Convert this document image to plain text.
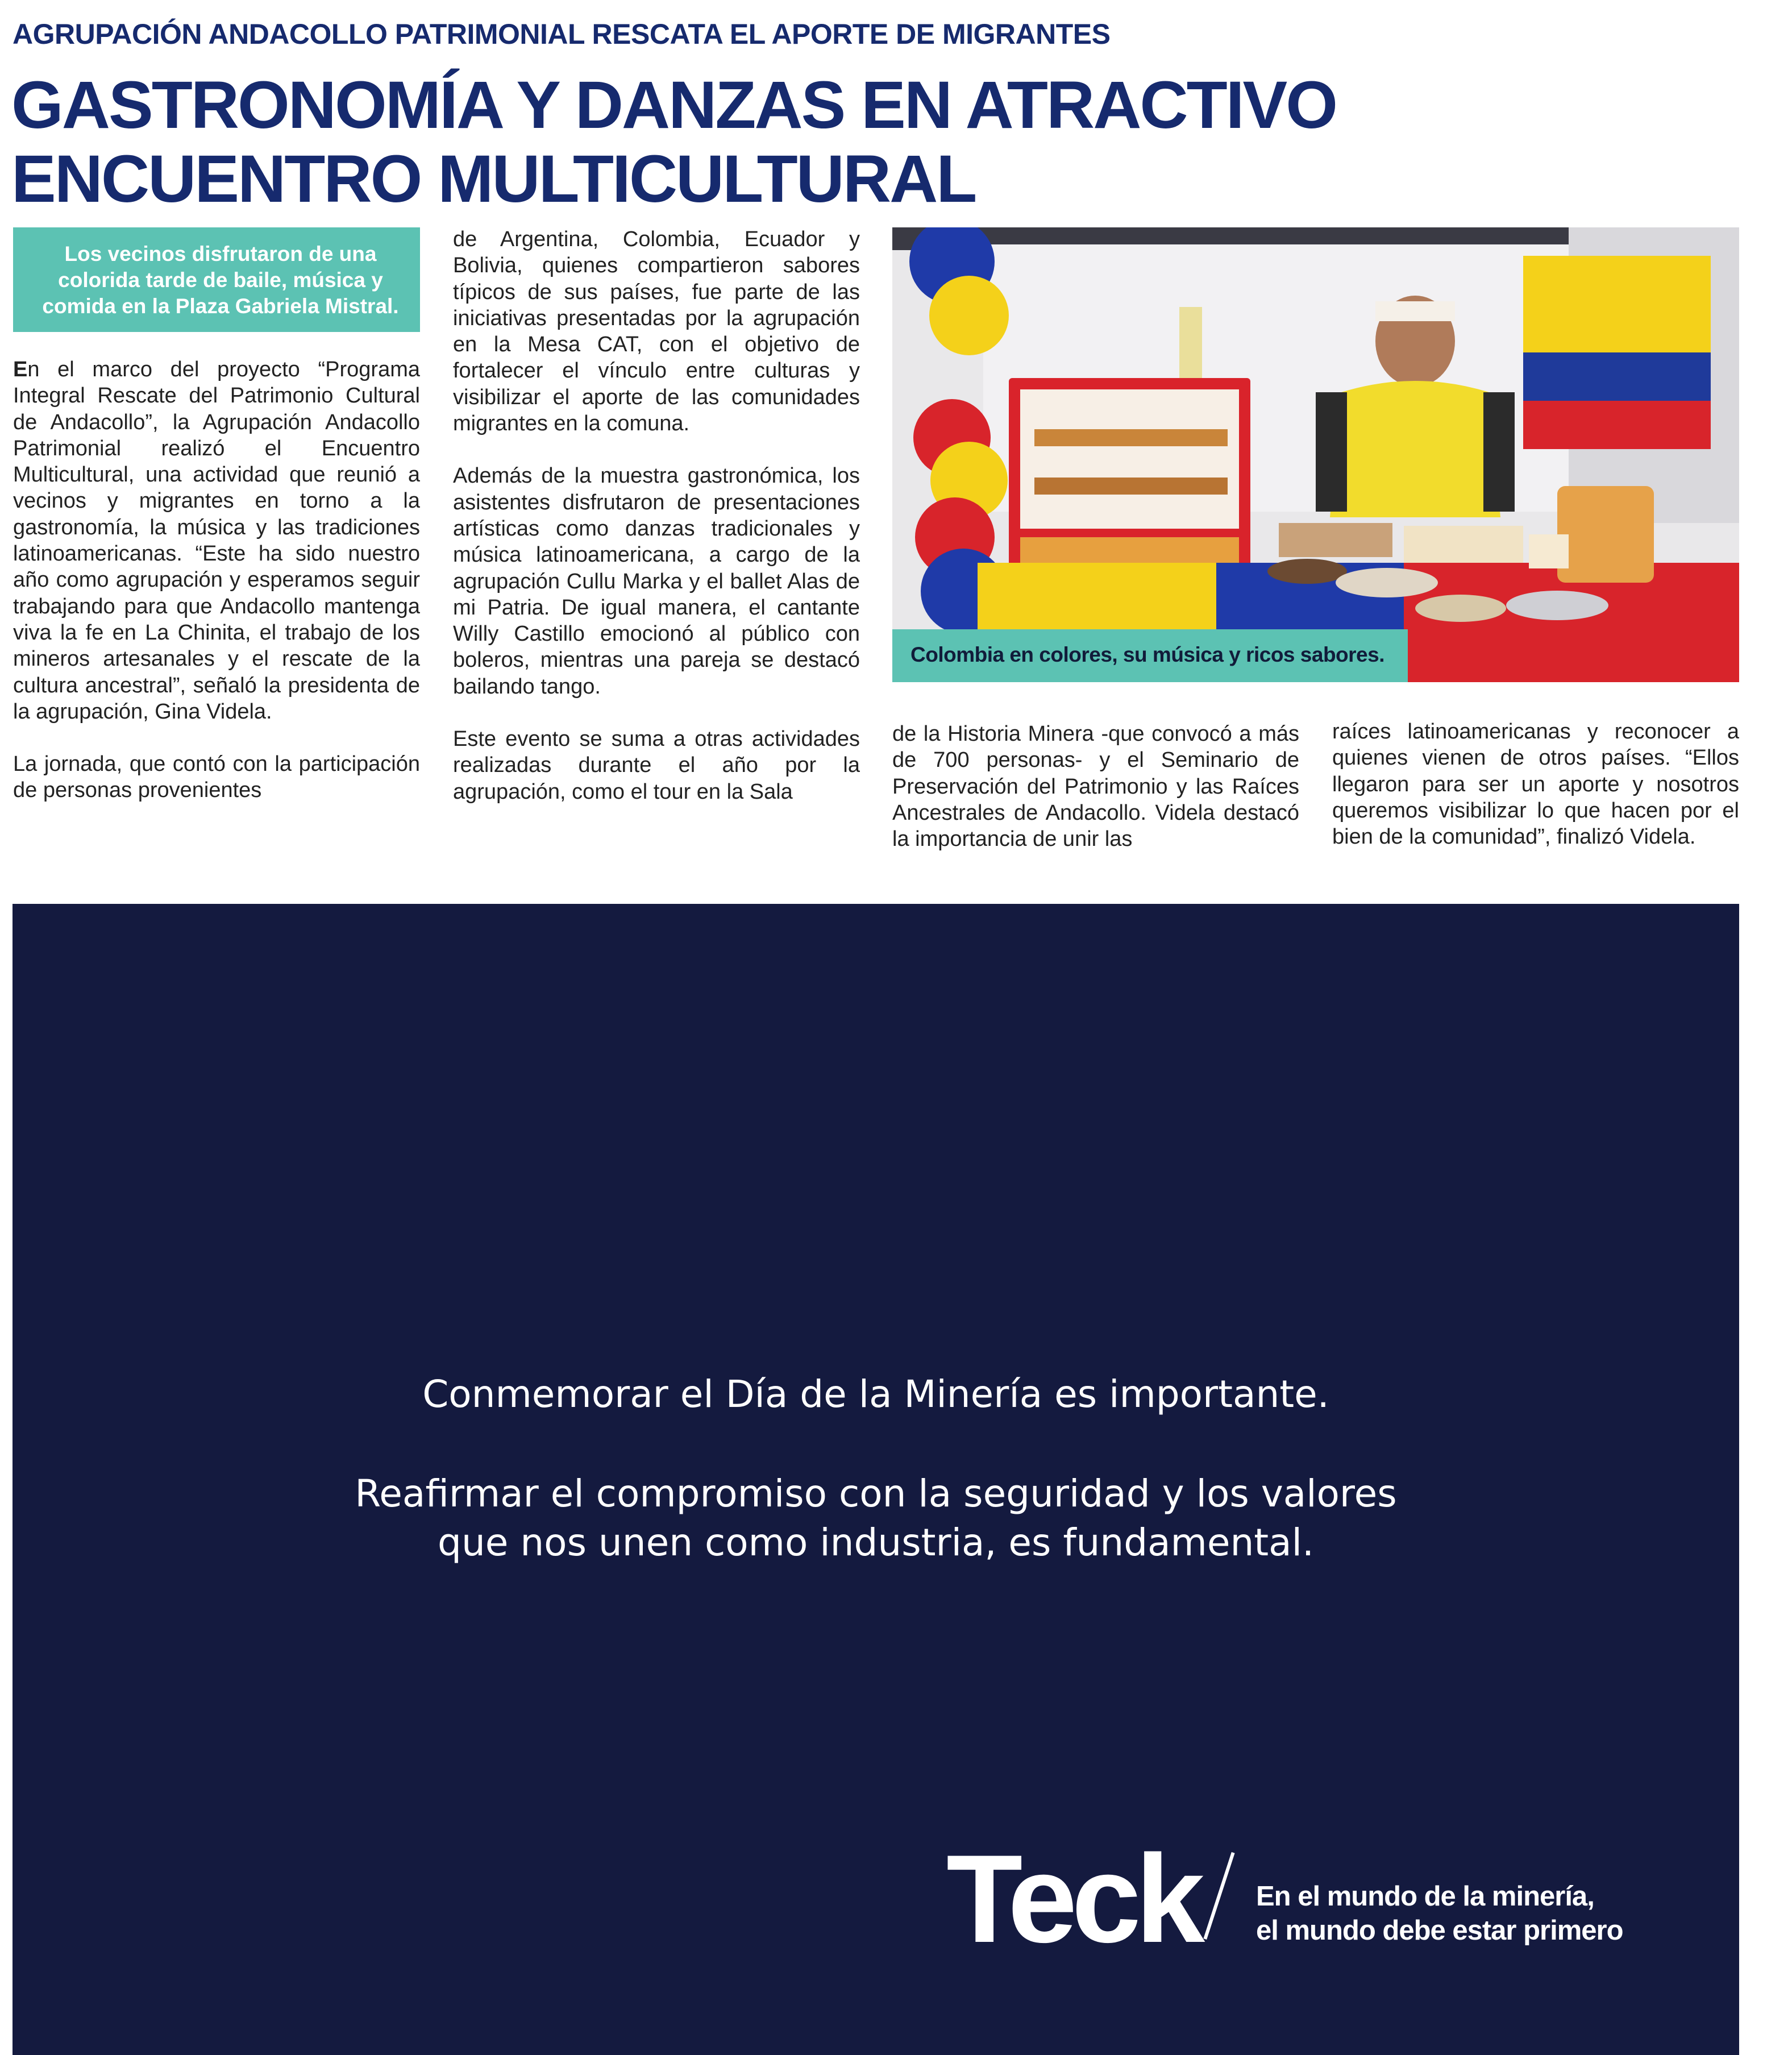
AGRUPACIÓN ANDACOLLO PATRIMONIAL RESCATA EL APORTE DE MIGRANTES
GASTRONOMÍA Y DANZAS EN ATRACTIVO
ENCUENTRO MULTICULTURAL

Los vecinos disfrutaron de una colorida tarde de baile, música y comida en la Plaza Gabriela Mistral.

En el marco del proyecto “Programa Integral Rescate del Patrimonio Cultural de Andacollo”, la Agrupación Andacollo Patrimonial realizó el Encuentro Multicultural, una actividad que reunió a vecinos y migrantes en torno a la gastronomía, la música y las tradiciones latinoamericanas. “Este ha sido nuestro año como agrupación y esperamos seguir trabajando para que Andacollo mantenga viva la fe en La Chinita, el trabajo de los mineros artesanales y el rescate de la cultura ancestral”, señaló la presidenta de la agrupación, Gina Videla.

La jornada, que contó con la participación de personas provenientes

de Argentina, Colombia, Ecuador y Bolivia, quienes compartieron sabores típicos de sus países, fue parte de las iniciativas presentadas por la agrupación en la Mesa CAT, con el objetivo de fortalecer el vínculo entre culturas y visibilizar el aporte de las comunidades migrantes en la comuna.

Además de la muestra gastronómica, los asistentes disfrutaron de presentaciones artísticas como danzas tradicionales y música latinoamericana, a cargo de la agrupación Cullu Marka y el ballet Alas de mi Patria. De igual manera, el cantante Willy Castillo emocionó al público con boleros, mientras una pareja se destacó bailando tango.

Este evento se suma a otras actividades realizadas durante el año por la agrupación, como el tour en la Sala

Colombia en colores, su música y ricos sabores.

de la Historia Minera -que convocó a más de 700 personas- y el Seminario de Preservación del Patrimonio y las Raíces Ancestrales de Andacollo. Videla destacó la importancia de unir las

raíces latinoamericanas y reconocer a quienes vienen de otros países. “Ellos llegaron para ser un aporte y nosotros queremos visibilizar lo que hacen por el bien de la comunidad”, finalizó Videla.

Conmemorar el Día de la Minería es importante.

Reafirmar el compromiso con la seguridad y los valores

que nos unen como industria, es fundamental.

Teck En el mundo de la minería,
el mundo debe estar primero
